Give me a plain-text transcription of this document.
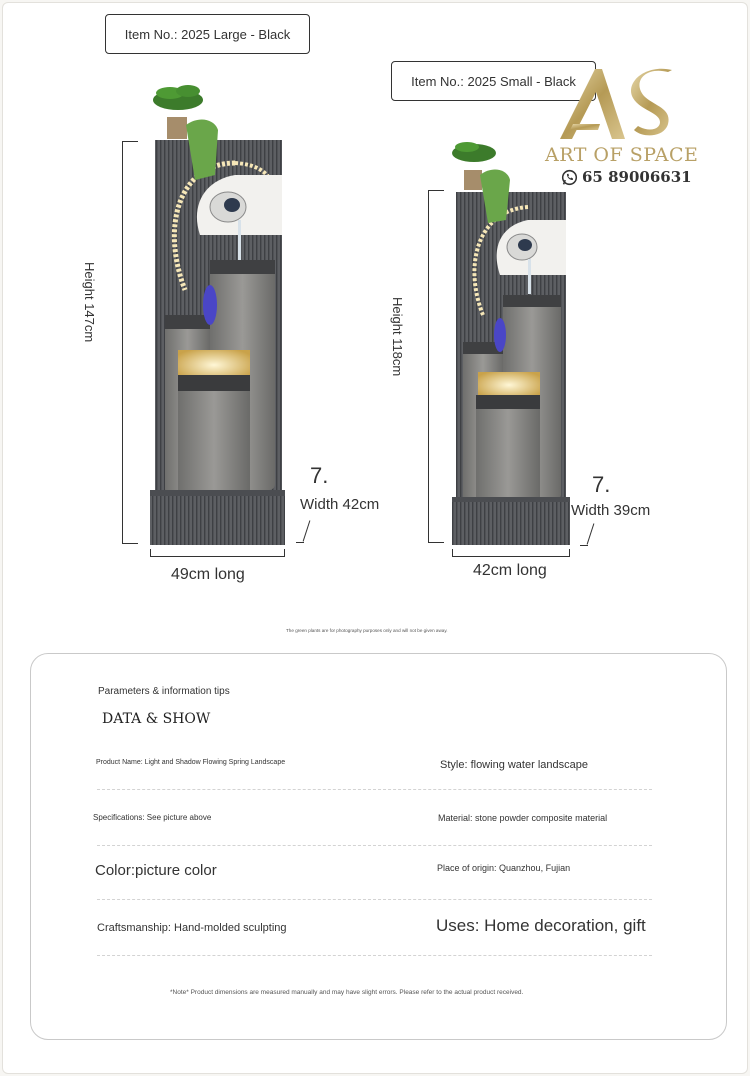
Item No.: 2025 Large - Black
Height 147cm
7.
Width 42cm
49cm long
Item No.: 2025 Small - Black
Height 118cm
7.
Width 39cm
42cm long
ART OF SPACE
65 89006631
The green plants are for photography purposes only and will not be given away.
Parameters & information tips
DATA & SHOW
Product Name: Light and Shadow Flowing Spring Landscape	Style: flowing water landscape
Specifications: See picture above	Material: stone powder composite material
Color:picture color	Place of origin: Quanzhou, Fujian
Craftsmanship: Hand-molded sculpting	Uses: Home decoration, gift
*Note* Product dimensions are measured manually and may have slight errors. Please refer to the actual product received.
